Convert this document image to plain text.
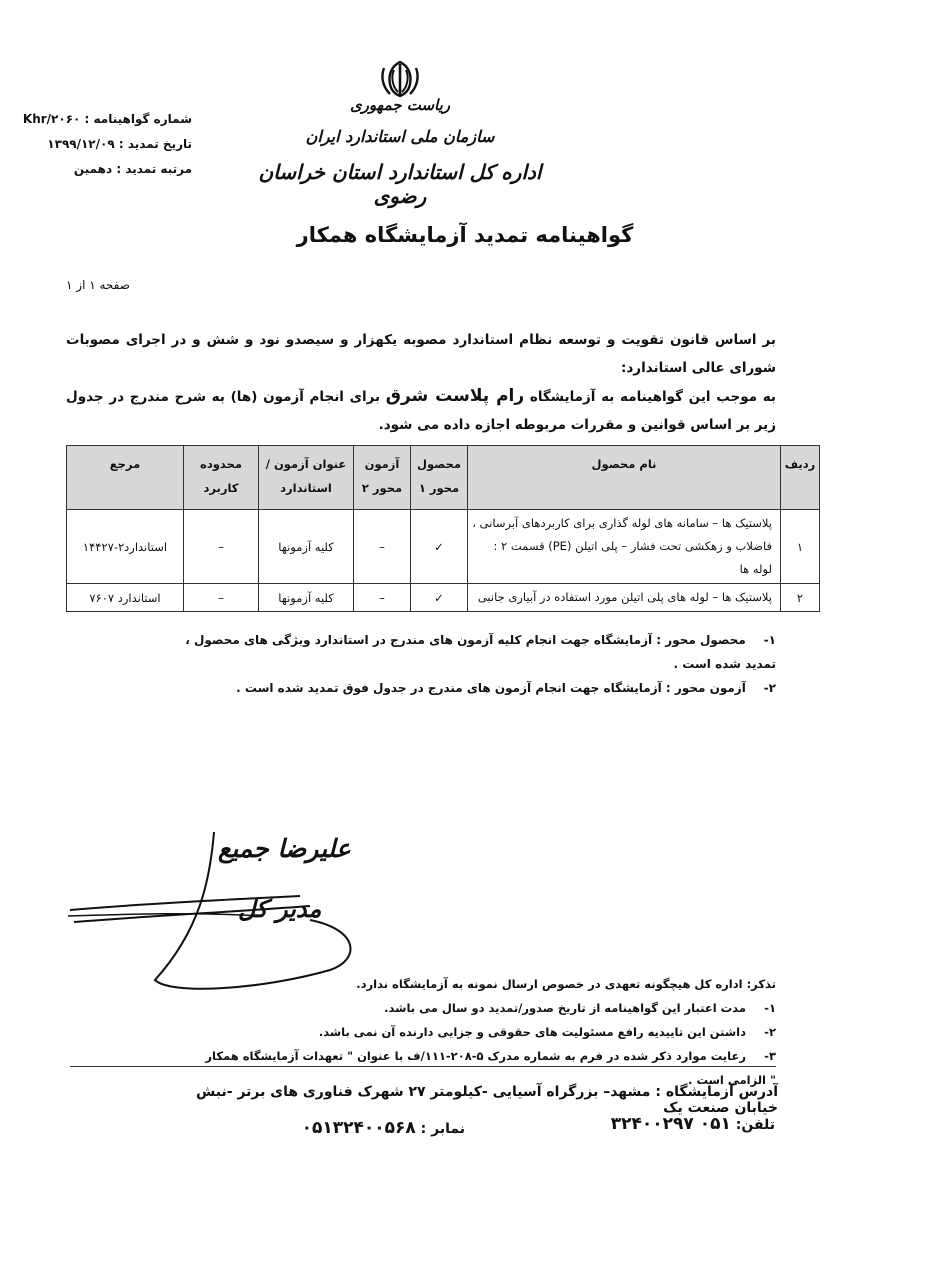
ریاست جمهوری
سازمان ملی استاندارد ایران
اداره کل استاندارد استان خراسان رضوی
شماره گواهینامه : Khr/۲۰۶۰
تاریخ تمدید : ۱۳۹۹/۱۲/۰۹
مرتبه تمدید : دهمین
گواهینامه تمدید آزمایشگاه همکار
صفحه ۱ از ۱
بر اساس قانون تقویت و توسعه نظام استاندارد مصوبه یکهزار و سیصدو نود و شش و در اجرای مصوبات شورای عالی استاندارد:
به موجب این گواهینامه به آزمایشگاه رام پلاست شرق برای انجام آزمون (ها) به شرح مندرج در جدول زیر بر اساس قوانین و مقررات مربوطه اجازه داده می شود.
ردیف	نام محصول	محصول محور ۱	آزمون محور ۲	عنوان آزمون / استاندارد	محدوده کاربرد	مرجع
۱	پلاستیک ها – سامانه های لوله گذاری برای کاربردهای آبرسانی ، فاضلاب و زهکشی تحت فشار – پلی اتیلن (PE) قسمت ۲ : لوله ها	✓	–	کلیه آزمونها	–	استاندارد۲-۱۴۴۲۷
۲	پلاستیک ها – لوله های پلی اتیلن مورد استفاده در آبیاری جانبی	✓	–	کلیه آزمونها	–	استاندارد ۷۶۰۷
۱- محصول محور : آزمایشگاه جهت انجام کلیه آزمون های مندرج در استاندارد ویژگی های محصول ، تمدید شده است .
۲- آزمون محور : آزمایشگاه جهت انجام آزمون های مندرج در جدول فوق تمدید شده است .
علیرضا جمیع
مدیر کل
تذکر: اداره کل هیچگونه تعهدی در خصوص ارسال نمونه به آزمایشگاه ندارد.
۱- مدت اعتبار این گواهینامه از تاریخ صدور/تمدید دو سال می باشد.
۲- داشتن این تاییدیه رافع مسئولیت های حقوقی و جزایی دارنده آن نمی باشد.
۳- رعایت موارد ذکر شده در فرم به شماره مدرک ۵-۲۰۸-۱۱۱/ف با عنوان " تعهدات آزمایشگاه همکار " الزامی است .
آدرس آزمایشگاه : مشهد– بزرگراه آسیایی -کیلومتر ۲۷ شهرک فناوری های برتر -نبش خیابان صنعت یک
تلفن: ۰۵۱ ۳۲۴۰۰۲۹۷
نمابر : ۰۵۱۳۲۴۰۰۵۶۸
